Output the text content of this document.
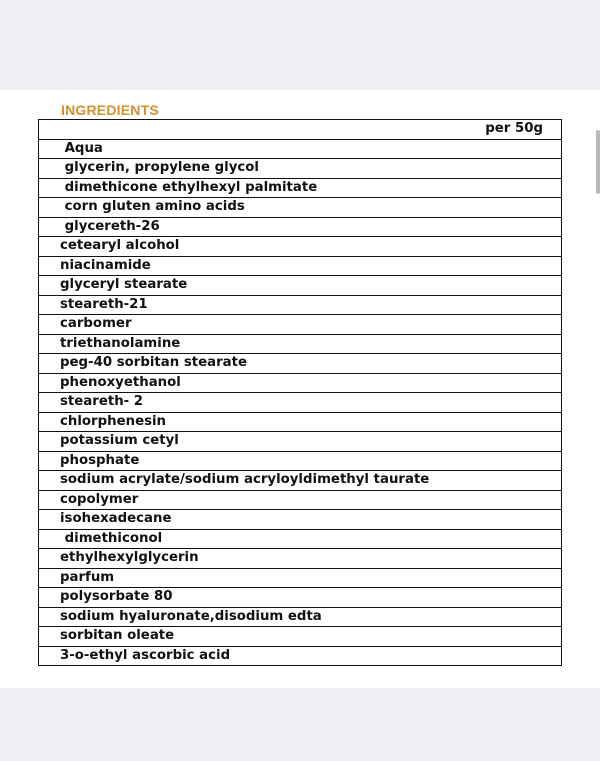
INGREDIENTS
per 50g
Aqua
glycerin, propylene glycol
dimethicone ethylhexyl palmitate
corn gluten amino acids
glycereth-26
cetearyl alcohol
niacinamide
glyceryl stearate
steareth-21
carbomer
triethanolamine
peg-40 sorbitan stearate
phenoxyethanol
steareth- 2
chlorphenesin
potassium cetyl
phosphate
sodium acrylate/sodium acryloyldimethyl taurate
copolymer
isohexadecane
dimethiconol
ethylhexylglycerin
parfum
polysorbate 80
sodium hyaluronate,disodium edta
sorbitan oleate
3-o-ethyl ascorbic acid
